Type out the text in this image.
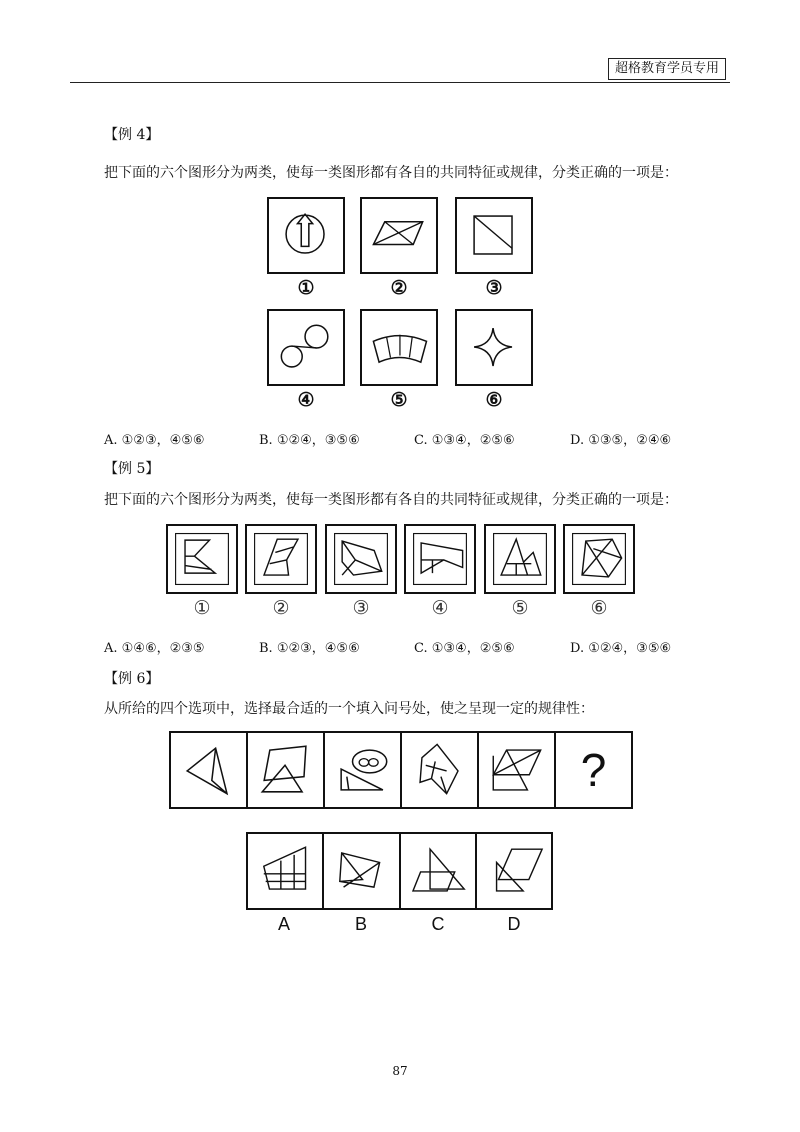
超格教育学员专用
【例 4】
把下面的六个图形分为两类，使每一类图形都有各自的共同特征或规律，分类正确的一项是：
①	②	③
④	⑤	⑥
A. ①②③，④⑤⑥	B. ①②④，③⑤⑥	C. ①③④，②⑤⑥	D. ①③⑤，②④⑥
【例 5】
把下面的六个图形分为两类，使每一类图形都有各自的共同特征或规律，分类正确的一项是：
①	②	③	④	⑤	⑥
A. ①④⑥，②③⑤	B. ①②③，④⑤⑥	C. ①③④，②⑤⑥	D. ①②④，③⑤⑥
【例 6】
从所给的四个选项中，选择最合适的一个填入问号处，使之呈现一定的规律性：
?
A	B	C	D
87
